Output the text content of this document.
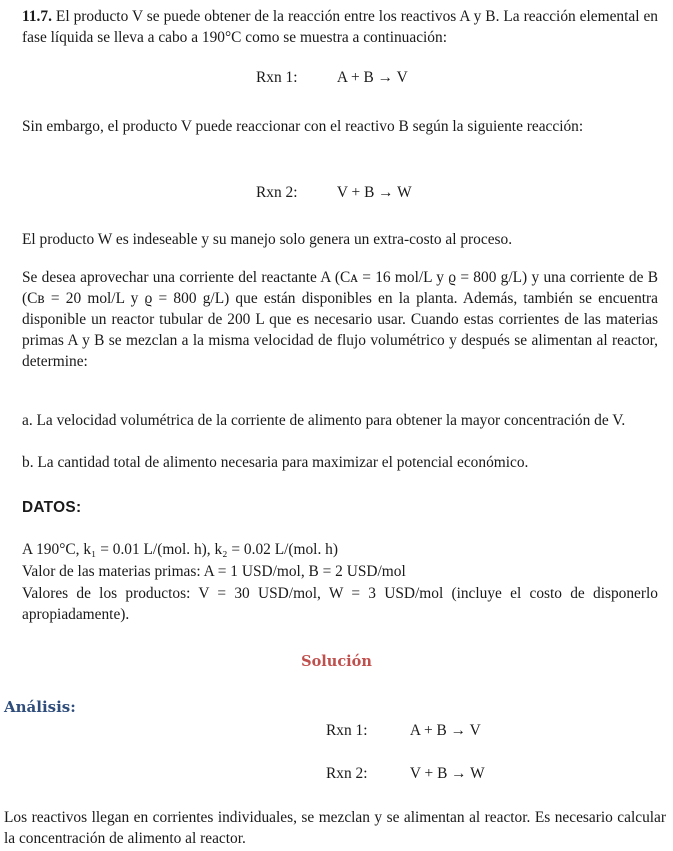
11.7. El producto V se puede obtener de la reacción entre los reactivos A y B. La reacción elemental en fase líquida se lleva a cabo a 190°C como se muestra a continuación:

Rxn 1:	A + B → V

Sin embargo, el producto V puede reaccionar con el reactivo B según la siguiente reacción:

Rxn 2:	V + B → W

El producto W es indeseable y su manejo solo genera un extra-costo al proceso.

Se desea aprovechar una corriente del reactante A (Cᴀ = 16 mol/L y ϱ = 800 g/L) y una corriente de B (Cʙ = 20 mol/L y ϱ = 800 g/L) que están disponibles en la planta. Además, también se encuentra disponible un reactor tubular de 200 L que es necesario usar. Cuando estas corrientes de las materias primas A y B se mezclan a la misma velocidad de flujo volumétrico y después se alimentan al reactor, determine:

a. La velocidad volumétrica de la corriente de alimento para obtener la mayor concentración de V.

b. La cantidad total de alimento necesaria para maximizar el potencial económico.

DATOS:

A 190°C, k₁ = 0.01 L/(mol. h), k₂ = 0.02 L/(mol. h)

Valor de las materias primas: A = 1 USD/mol, B = 2 USD/mol

Valores de los productos: V = 30 USD/mol, W = 3 USD/mol (incluye el costo de disponerlo apropiadamente).

Solución

Análisis:

Rxn 1:	A + B → V
Rxn 2:	V + B → W

Los reactivos llegan en corrientes individuales, se mezclan y se alimentan al reactor. Es necesario calcular la concentración de alimento al reactor.
